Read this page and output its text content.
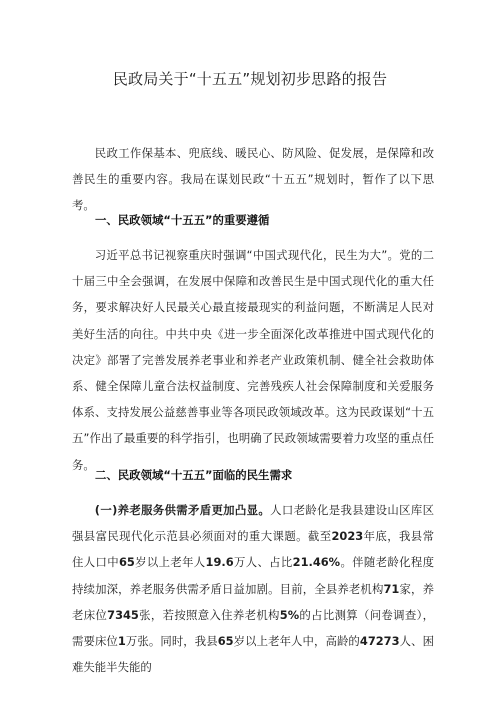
民政局关于“十五五”规划初步思路的报告
民政工作保基本、兜底线、暖民心、防风险、促发展，是保障和改善民生的重要内容。我局在谋划民政“十五五”规划时，暂作了以下思考。
一、民政领域“十五五”的重要遵循
习近平总书记视察重庆时强调“中国式现代化，民生为大”。党的二十届三中全会强调，在发展中保障和改善民生是中国式现代化的重大任务，要求解决好人民最关心最直接最现实的利益问题，不断满足人民对美好生活的向往。中共中央《进一步全面深化改革推进中国式现代化的决定》部署了完善发展养老事业和养老产业政策机制、健全社会救助体系、健全保障儿童合法权益制度、完善残疾人社会保障制度和关爱服务体系、支持发展公益慈善事业等各项民政领域改革。这为民政谋划“十五五”作出了最重要的科学指引，也明确了民政领域需要着力攻坚的重点任务。
二、民政领域“十五五”面临的民生需求
(一)养老服务供需矛盾更加凸显。人口老龄化是我县建设山区库区强县富民现代化示范县必须面对的重大课题。截至2023年底，我县常住人口中65岁以上老年人19.6万人、占比21.46%。伴随老龄化程度持续加深，养老服务供需矛盾日益加剧。目前，全县养老机构71家，养老床位7345张，若按照意入住养老机构5%的占比测算（问卷调查），需要床位1万张。同时，我县65岁以上老年人中，高龄的47273人、困难失能半失能的
